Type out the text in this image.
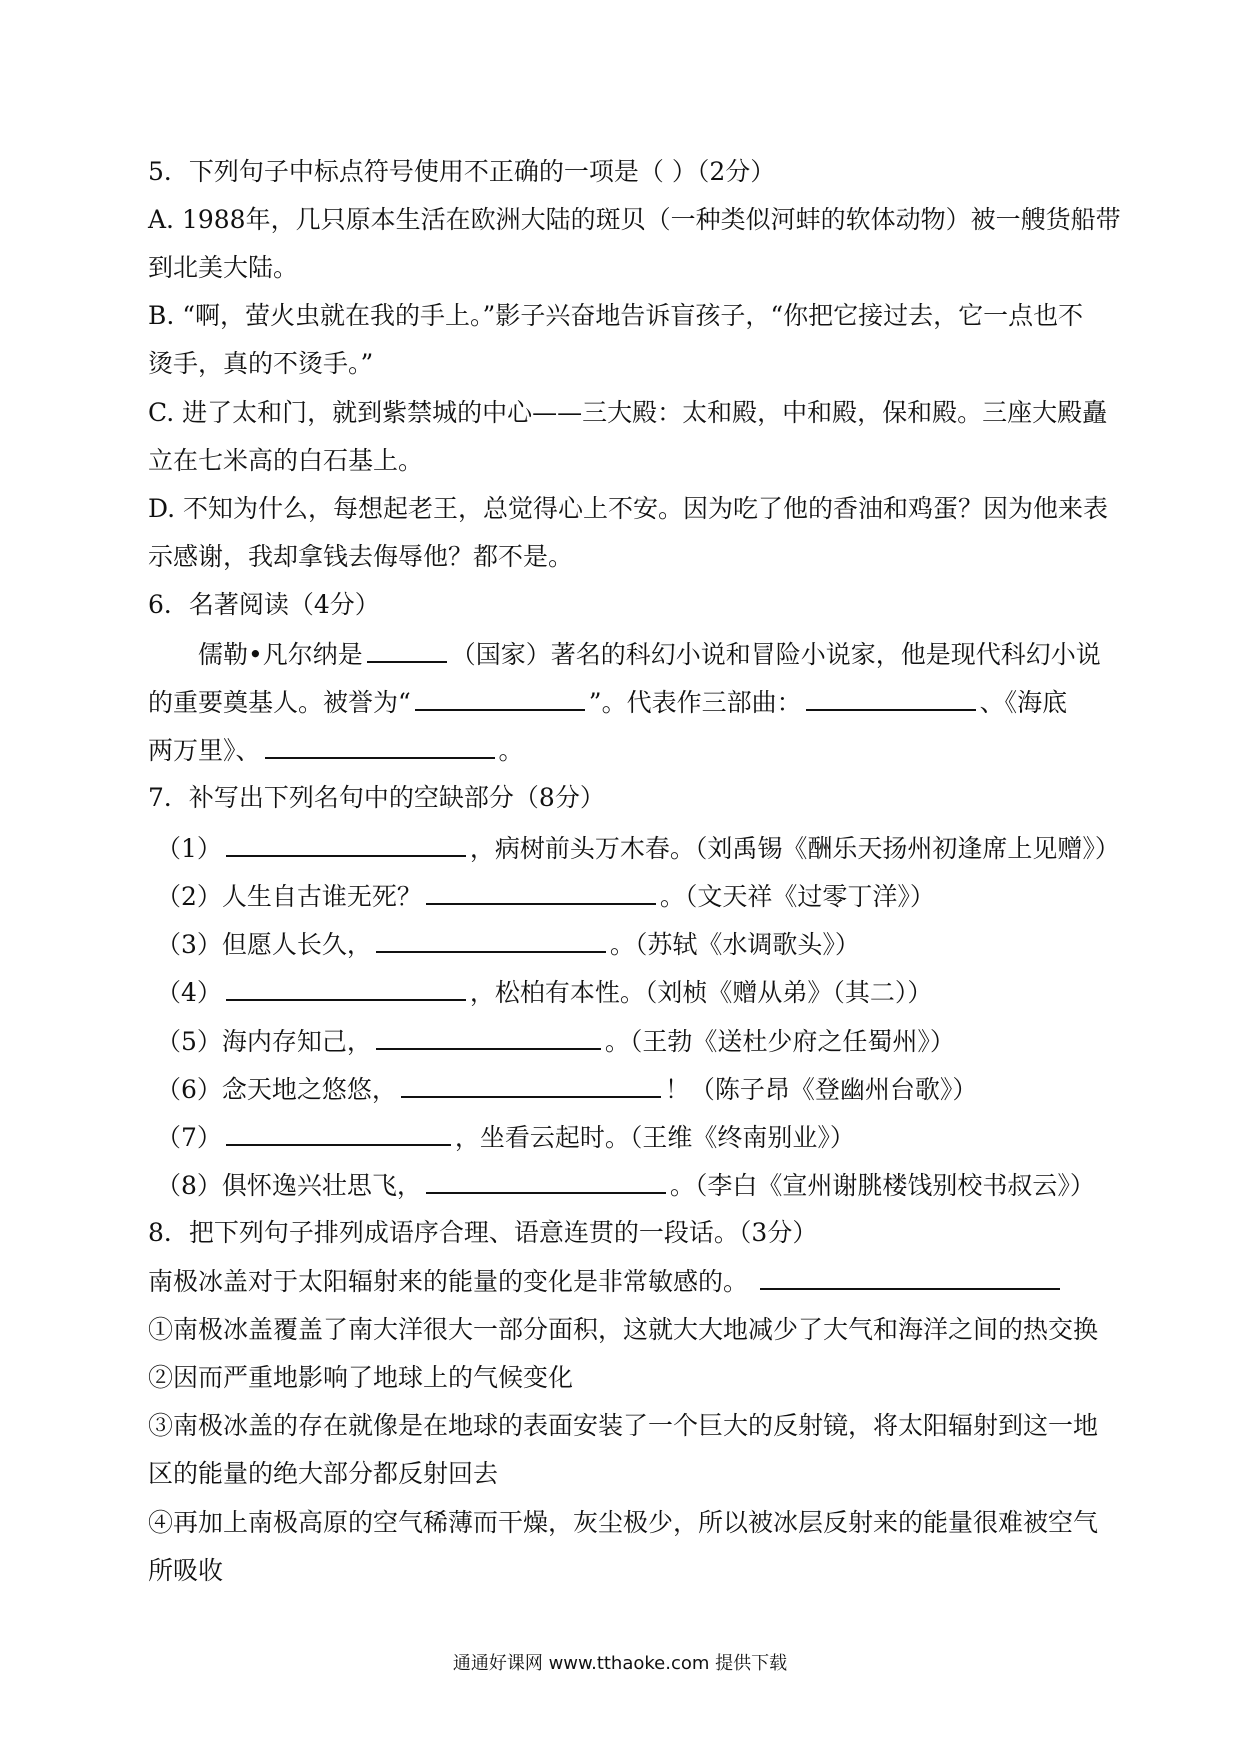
5．下列句子中标点符号使用不正确的一项是（ ）（2分）
A. 1988年，几只原本生活在欧洲大陆的斑贝（一种类似河蚌的软体动物）被一艘货船带
到北美大陆。
B. “啊，萤火虫就在我的手上。”影子兴奋地告诉盲孩子，“你把它接过去，它一点也不
烫手，真的不烫手。”
C. 进了太和门，就到紫禁城的中心——三大殿：太和殿，中和殿，保和殿。三座大殿矗
立在七米高的白石基上。
D. 不知为什么，每想起老王，总觉得心上不安。因为吃了他的香油和鸡蛋？因为他来表
示感谢，我却拿钱去侮辱他？都不是。
6．名著阅读（4分）
儒勒•凡尔纳是	（国家）著名的科幻小说和冒险小说家，他是现代科幻小说
的重要奠基人。被誉为“	”。代表作三部曲：	、《海底
两万里》、	。
7．补写出下列名句中的空缺部分（8分）
（1）	，病树前头万木春。（刘禹锡《酬乐天扬州初逢席上见赠》）
（2）人生自古谁无死？	。（文天祥《过零丁洋》）
（3）但愿人长久，	。（苏轼《水调歌头》）
（4）	，松柏有本性。（刘桢《赠从弟》（其二））
（5）海内存知己，	。（王勃《送杜少府之任蜀州》）
（6）念天地之悠悠，	！（陈子昂《登幽州台歌》）
（7）	，坐看云起时。（王维《终南别业》）
（8）俱怀逸兴壮思飞，	。（李白《宣州谢朓楼饯别校书叔云》）
8．把下列句子排列成语序合理、语意连贯的一段话。（3分）
南极冰盖对于太阳辐射来的能量的变化是非常敏感的。
①南极冰盖覆盖了南大洋很大一部分面积，这就大大地减少了大气和海洋之间的热交换
②因而严重地影响了地球上的气候变化
③南极冰盖的存在就像是在地球的表面安装了一个巨大的反射镜，将太阳辐射到这一地
区的能量的绝大部分都反射回去
④再加上南极高原的空气稀薄而干燥，灰尘极少，所以被冰层反射来的能量很难被空气
所吸收
通通好课网 www.tthaoke.com 提供下载
